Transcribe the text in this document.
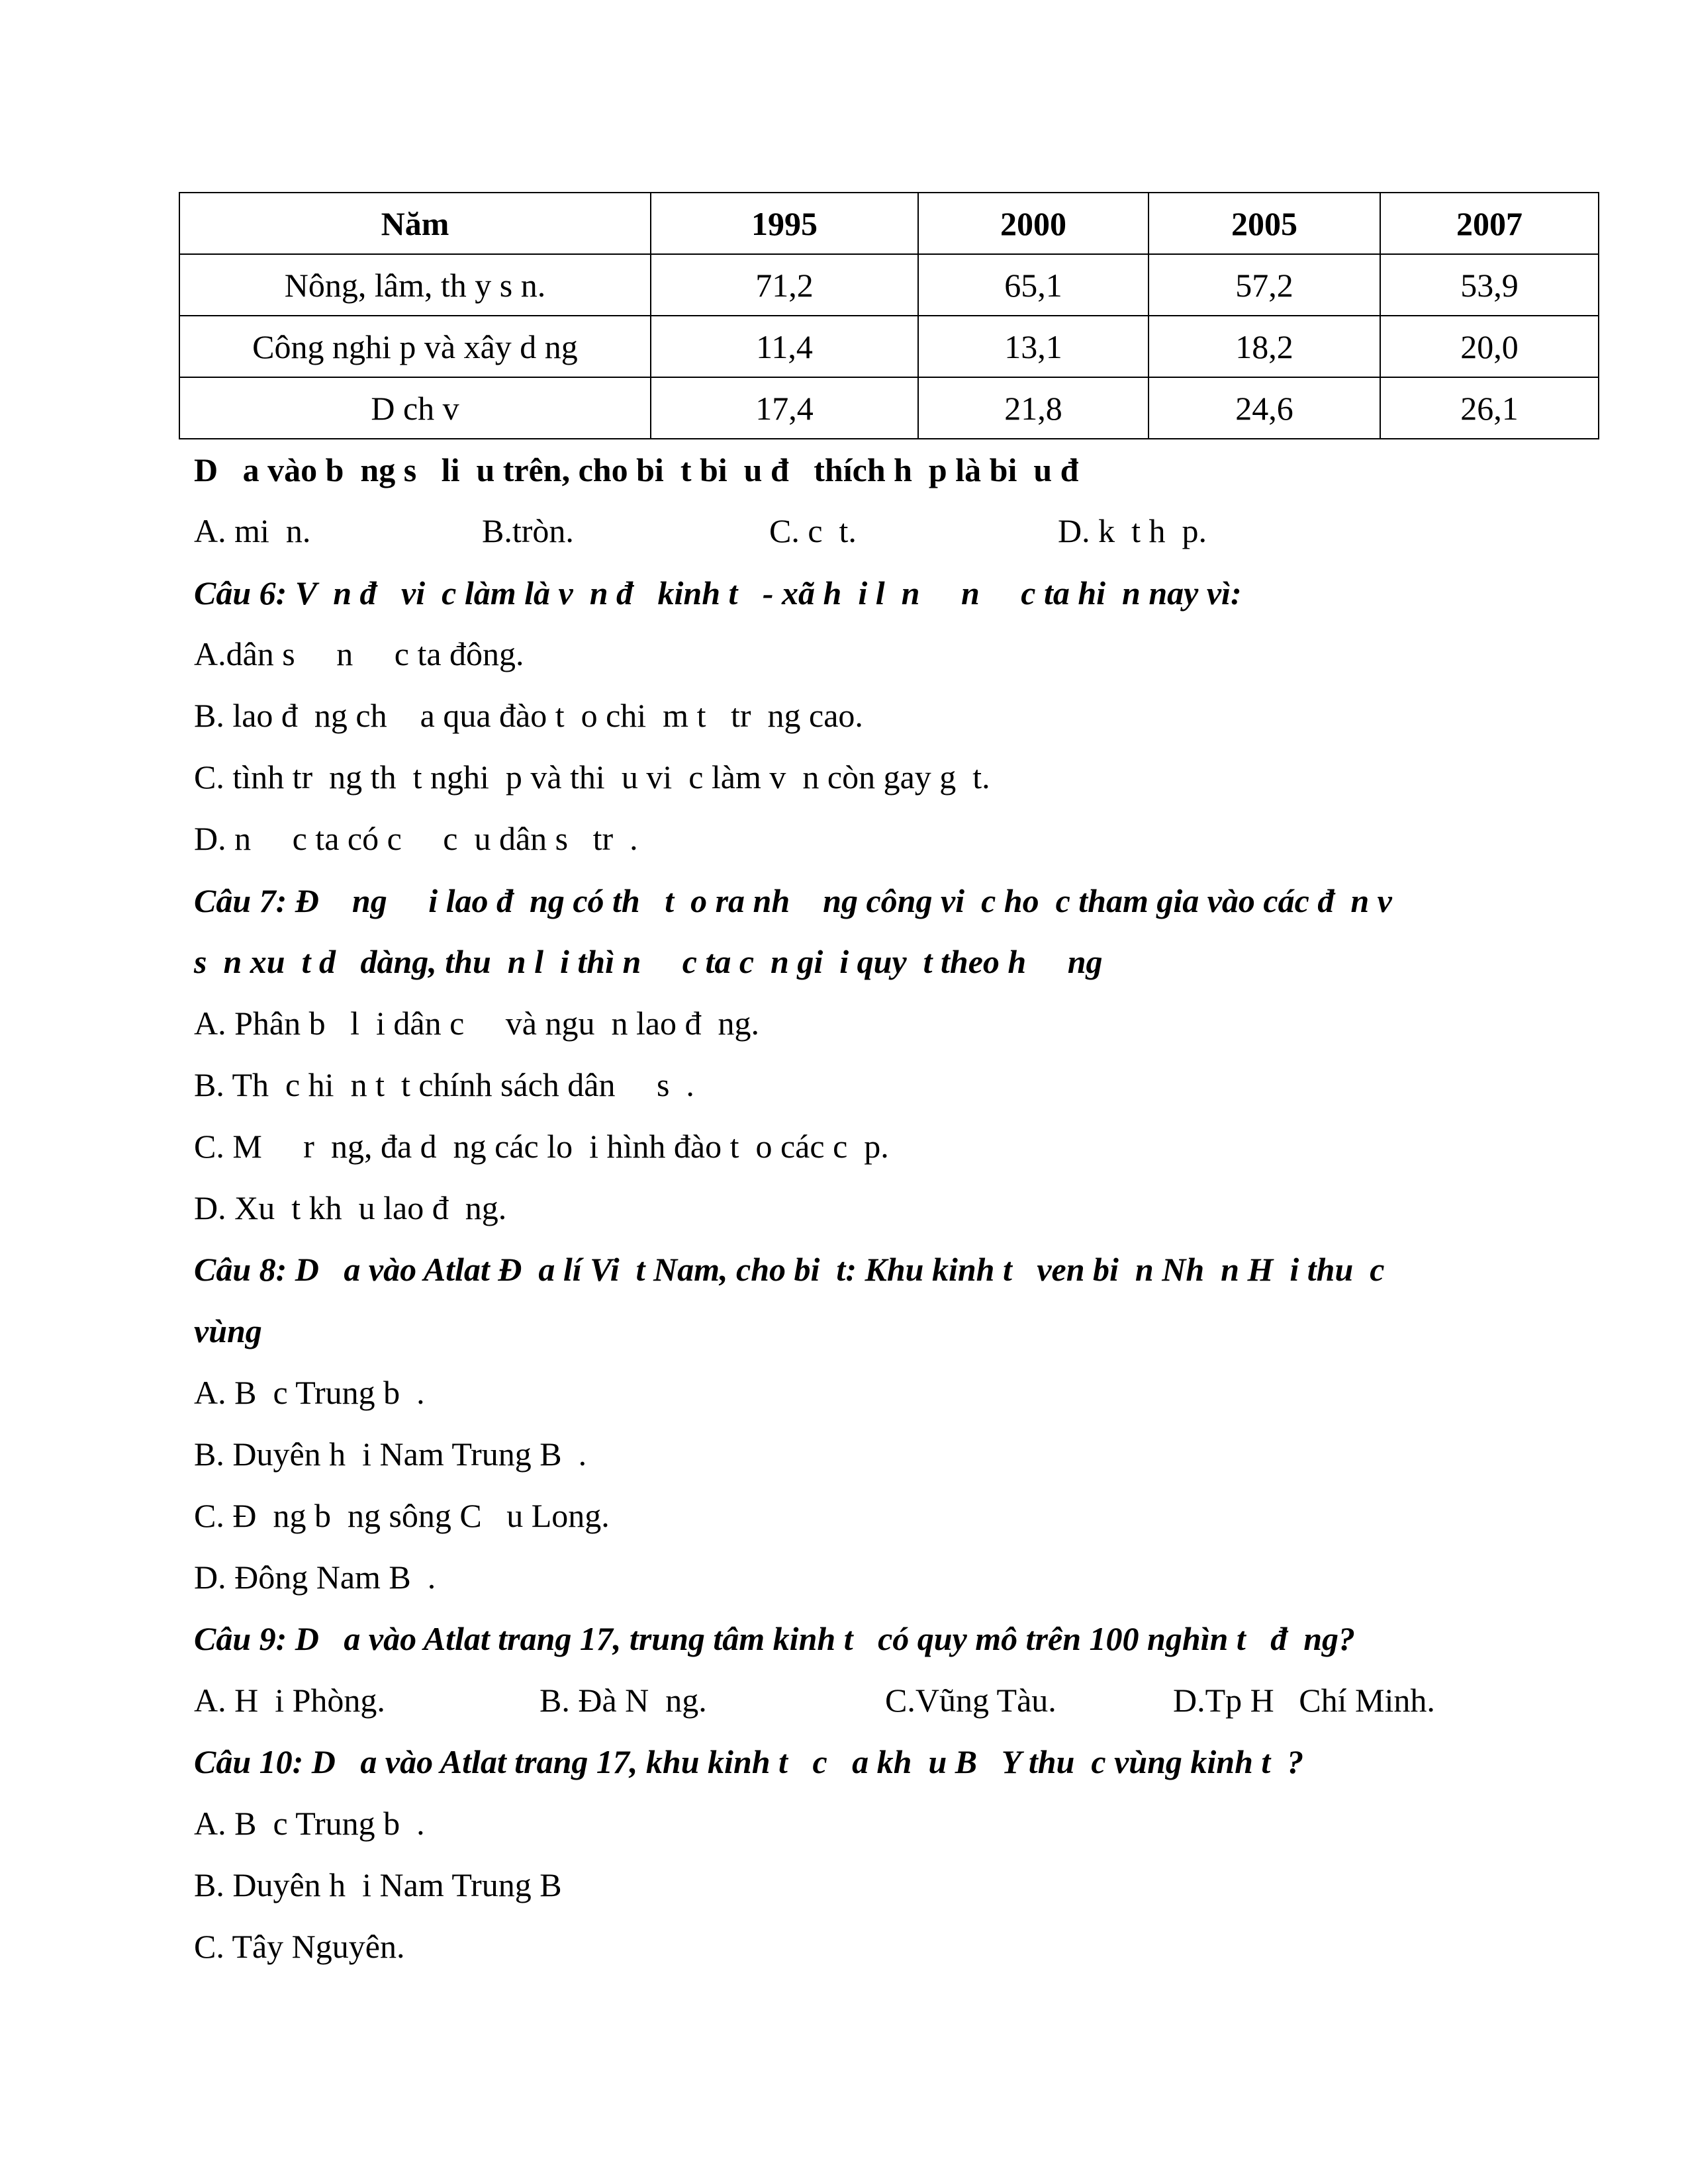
Năm	1995	2000	2005	2007
Nông, lâm, th y s n.	71,2	65,1	57,2	53,9
Công nghi p và xây d ng	11,4	13,1	18,2	20,0
D ch v	17,4	21,8	24,6	26,1
D   a vào b  ng s   li  u trên, cho bi  t bi  u đ   thích h  p là bi  u đ
A. mi  n.	B.tròn.	C. c  t.	D. k  t h  p.
Câu 6: V  n đ   vi  c làm là v  n đ   kinh t   - xã h  i l  n     n     c ta hi  n nay vì:
A.dân s     n     c ta đông.
B. lao đ  ng ch    a qua đào t  o chi  m t   tr  ng cao.
C. tình tr  ng th  t nghi  p và thi  u vi  c làm v  n còn gay g  t.
D. n     c ta có c     c  u dân s   tr  .
Câu 7: Đ    ng     i lao đ  ng có th   t  o ra nh    ng công vi  c ho  c tham gia vào các đ  n v
s  n xu  t d   dàng, thu  n l  i thì n     c ta c  n gi  i quy  t theo h     ng
A. Phân b   l  i dân c     và ngu  n lao đ  ng.
B. Th  c hi  n t  t chính sách dân     s  .
C. M     r  ng, đa d  ng các lo  i hình đào t  o các c  p.
D. Xu  t kh  u lao đ  ng.
Câu 8: D   a vào Atlat Đ  a lí Vi  t Nam, cho bi  t: Khu kinh t   ven bi  n Nh  n H  i thu  c
vùng
A. B  c Trung b  .
B. Duyên h  i Nam Trung B  .
C. Đ  ng b  ng sông C   u Long.
D. Đông Nam B  .
Câu 9: D   a vào Atlat trang 17, trung tâm kinh t   có quy mô trên 100 nghìn t   đ  ng?
A. H  i Phòng.	B. Đà N  ng.	C.Vũng Tàu.	D.Tp H   Chí Minh.
Câu 10: D   a vào Atlat trang 17, khu kinh t   c   a kh  u B   Y thu  c vùng kinh t  ?
A. B  c Trung b  .
B. Duyên h  i Nam Trung B
C. Tây Nguyên.
